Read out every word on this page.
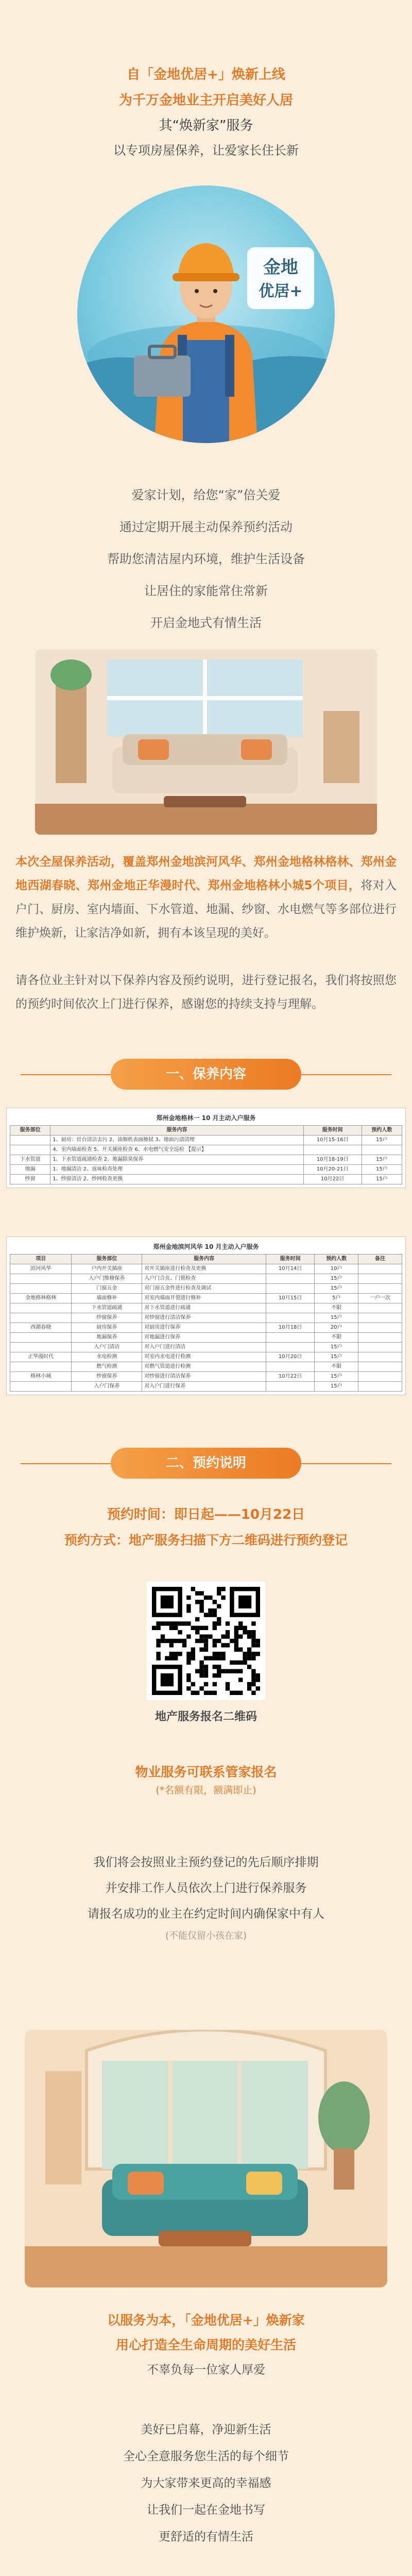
自「金地优居+」焕新上线
为千万金地业主开启美好人居
其“焕新家”服务
以专项房屋保养，让爱家长住长新
金地
优居+
爱家计划，给您“家”倍关爱
通过定期开展主动保养预约活动
帮助您清洁屋内环境，维护生活设备
让居住的家能常住常新
开启金地式有情生活
本次全屋保养活动，覆盖郑州金地滨河风华、郑州金地格林格林、郑州金地西湖春晓、郑州金地正华漫时代、郑州金地格林小城5个项目，将对入户门、厨房、室内墙面、下水管道、地漏、纱窗、水电燃气等多部位进行维护焕新，让家洁净如新，拥有本该呈现的美好。
请各位业主针对以下保养内容及预约说明，进行登记报名，我们将按照您的预约时间依次上门进行保养，感谢您的持续支持与理解。
一、保养内容
郑州金地格林一 10 月主动入户服务
服务部位	服务内容	服务时间	预约人数
	1、厨房：灶台清洁去污 2、油烟机表面擦拭 3、地面污渍清理	10月15-16日	15户
	4、室内墙面检查 5、开关插座检查 6、水电燃气安全巡检 【提示】		
下水管道	1、下水管道疏通检查 2、地漏除臭保养	10月18-19日	15户
地漏	1、地漏清洁 2、返味检查处理	10月20-21日	15户
纱窗	1、纱窗清洁 2、纱网检查更换	10月22日	15户
郑州金地滨河风华 10 月主动入户服务
项目	服务部位	服务内容	服务时间	预约人数	备注
滨河风华	户内开关插座	对开关插座进行检查及更换	10月14日	10户	
	入户门维修保养	入户门合页、门锁检查		15户	
	门窗五金	对门窗五金件进行检查及调试		15户	
金地格林格林	墙面修补	对室内墙面开裂进行修补	10月15日	5户	一户一次
	下水管道疏通	对下水管道进行疏通		不限	
	纱窗保养	对纱窗进行清洁保养		15户	
西湖春晓	厨房保养	对厨房进行保养	10月18日	20户	
	地漏保养	对地漏进行保养		不限	
	入户门清洁	对入户门进行清洁		15户	
正华漫时代	水电检测	对室内水电进行检测	10月20日	15户	
	燃气检测	对燃气管道进行检测		不限	
格林小城	纱窗保养	对纱窗进行清洁保养	10月22日	15户	
	入户门保养	对入户门进行保养		15户	
二、预约说明
预约时间：即日起——10月22日
预约方式：地产服务扫描下方二维码进行预约登记
地产服务报名二维码
物业服务可联系管家报名
(*名额有限，额满即止)
我们将会按照业主预约登记的先后顺序排期
并安排工作人员依次上门进行保养服务
请报名成功的业主在约定时间内确保家中有人
(不能仅留小孩在家)
以服务为本，「金地优居+」焕新家
用心打造全生命周期的美好生活
不辜负每一位家人厚爱
美好已启幕，净迎新生活
全心全意服务您生活的每个细节
为大家带来更高的幸福感
让我们一起在金地书写
更舒适的有情生活
